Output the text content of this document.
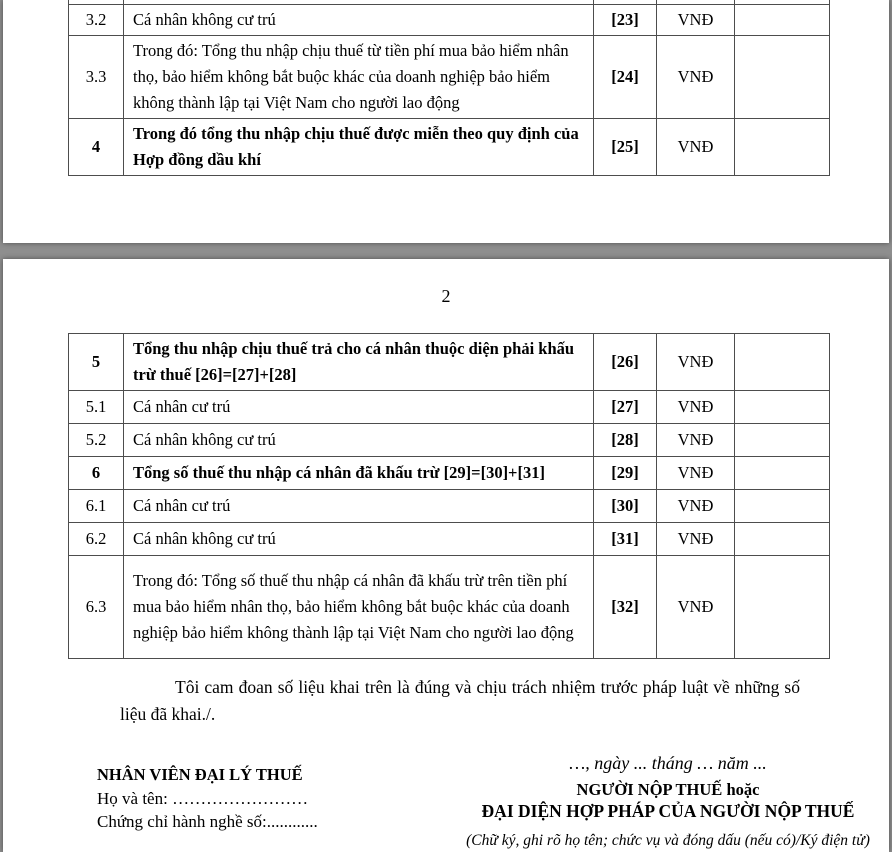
3.2	Cá nhân không cư trú	[23]	VNĐ	
3.3	Trong đó: Tổng thu nhập chịu thuế từ tiền phí mua bảo hiểm nhân thọ, bảo hiểm không bắt buộc khác của doanh nghiệp bảo hiểm không thành lập tại Việt Nam cho người lao động	[24]	VNĐ	
4	Trong đó tổng thu nhập chịu thuế được miễn theo quy định của Hợp đồng dầu khí	[25]	VNĐ	
2
5	Tổng thu nhập chịu thuế trả cho cá nhân thuộc diện phải khấu trừ thuế [26]=[27]+[28]	[26]	VNĐ	
5.1	Cá nhân cư trú	[27]	VNĐ	
5.2	Cá nhân không cư trú	[28]	VNĐ	
6	Tổng số thuế thu nhập cá nhân đã khấu trừ [29]=[30]+[31]	[29]	VNĐ	
6.1	Cá nhân cư trú	[30]	VNĐ	
6.2	Cá nhân không cư trú	[31]	VNĐ	
6.3	Trong đó: Tổng số thuế thu nhập cá nhân đã khấu trừ trên tiền phí mua bảo hiểm nhân thọ, bảo hiểm không bắt buộc khác của doanh nghiệp bảo hiểm không thành lập tại Việt Nam cho người lao động	[32]	VNĐ	
Tôi cam đoan số liệu khai trên là đúng và chịu trách nhiệm trước pháp luật về những số liệu đã khai./.
NHÂN VIÊN ĐẠI LÝ THUẾ
Họ và tên: ……………………
Chứng chỉ hành nghề số:............
…, ngày ... tháng … năm ...
NGƯỜI NỘP THUẾ hoặc
ĐẠI DIỆN HỢP PHÁP CỦA NGƯỜI NỘP THUẾ
(Chữ ký, ghi rõ họ tên; chức vụ và đóng dấu (nếu có)/Ký điện tử)
